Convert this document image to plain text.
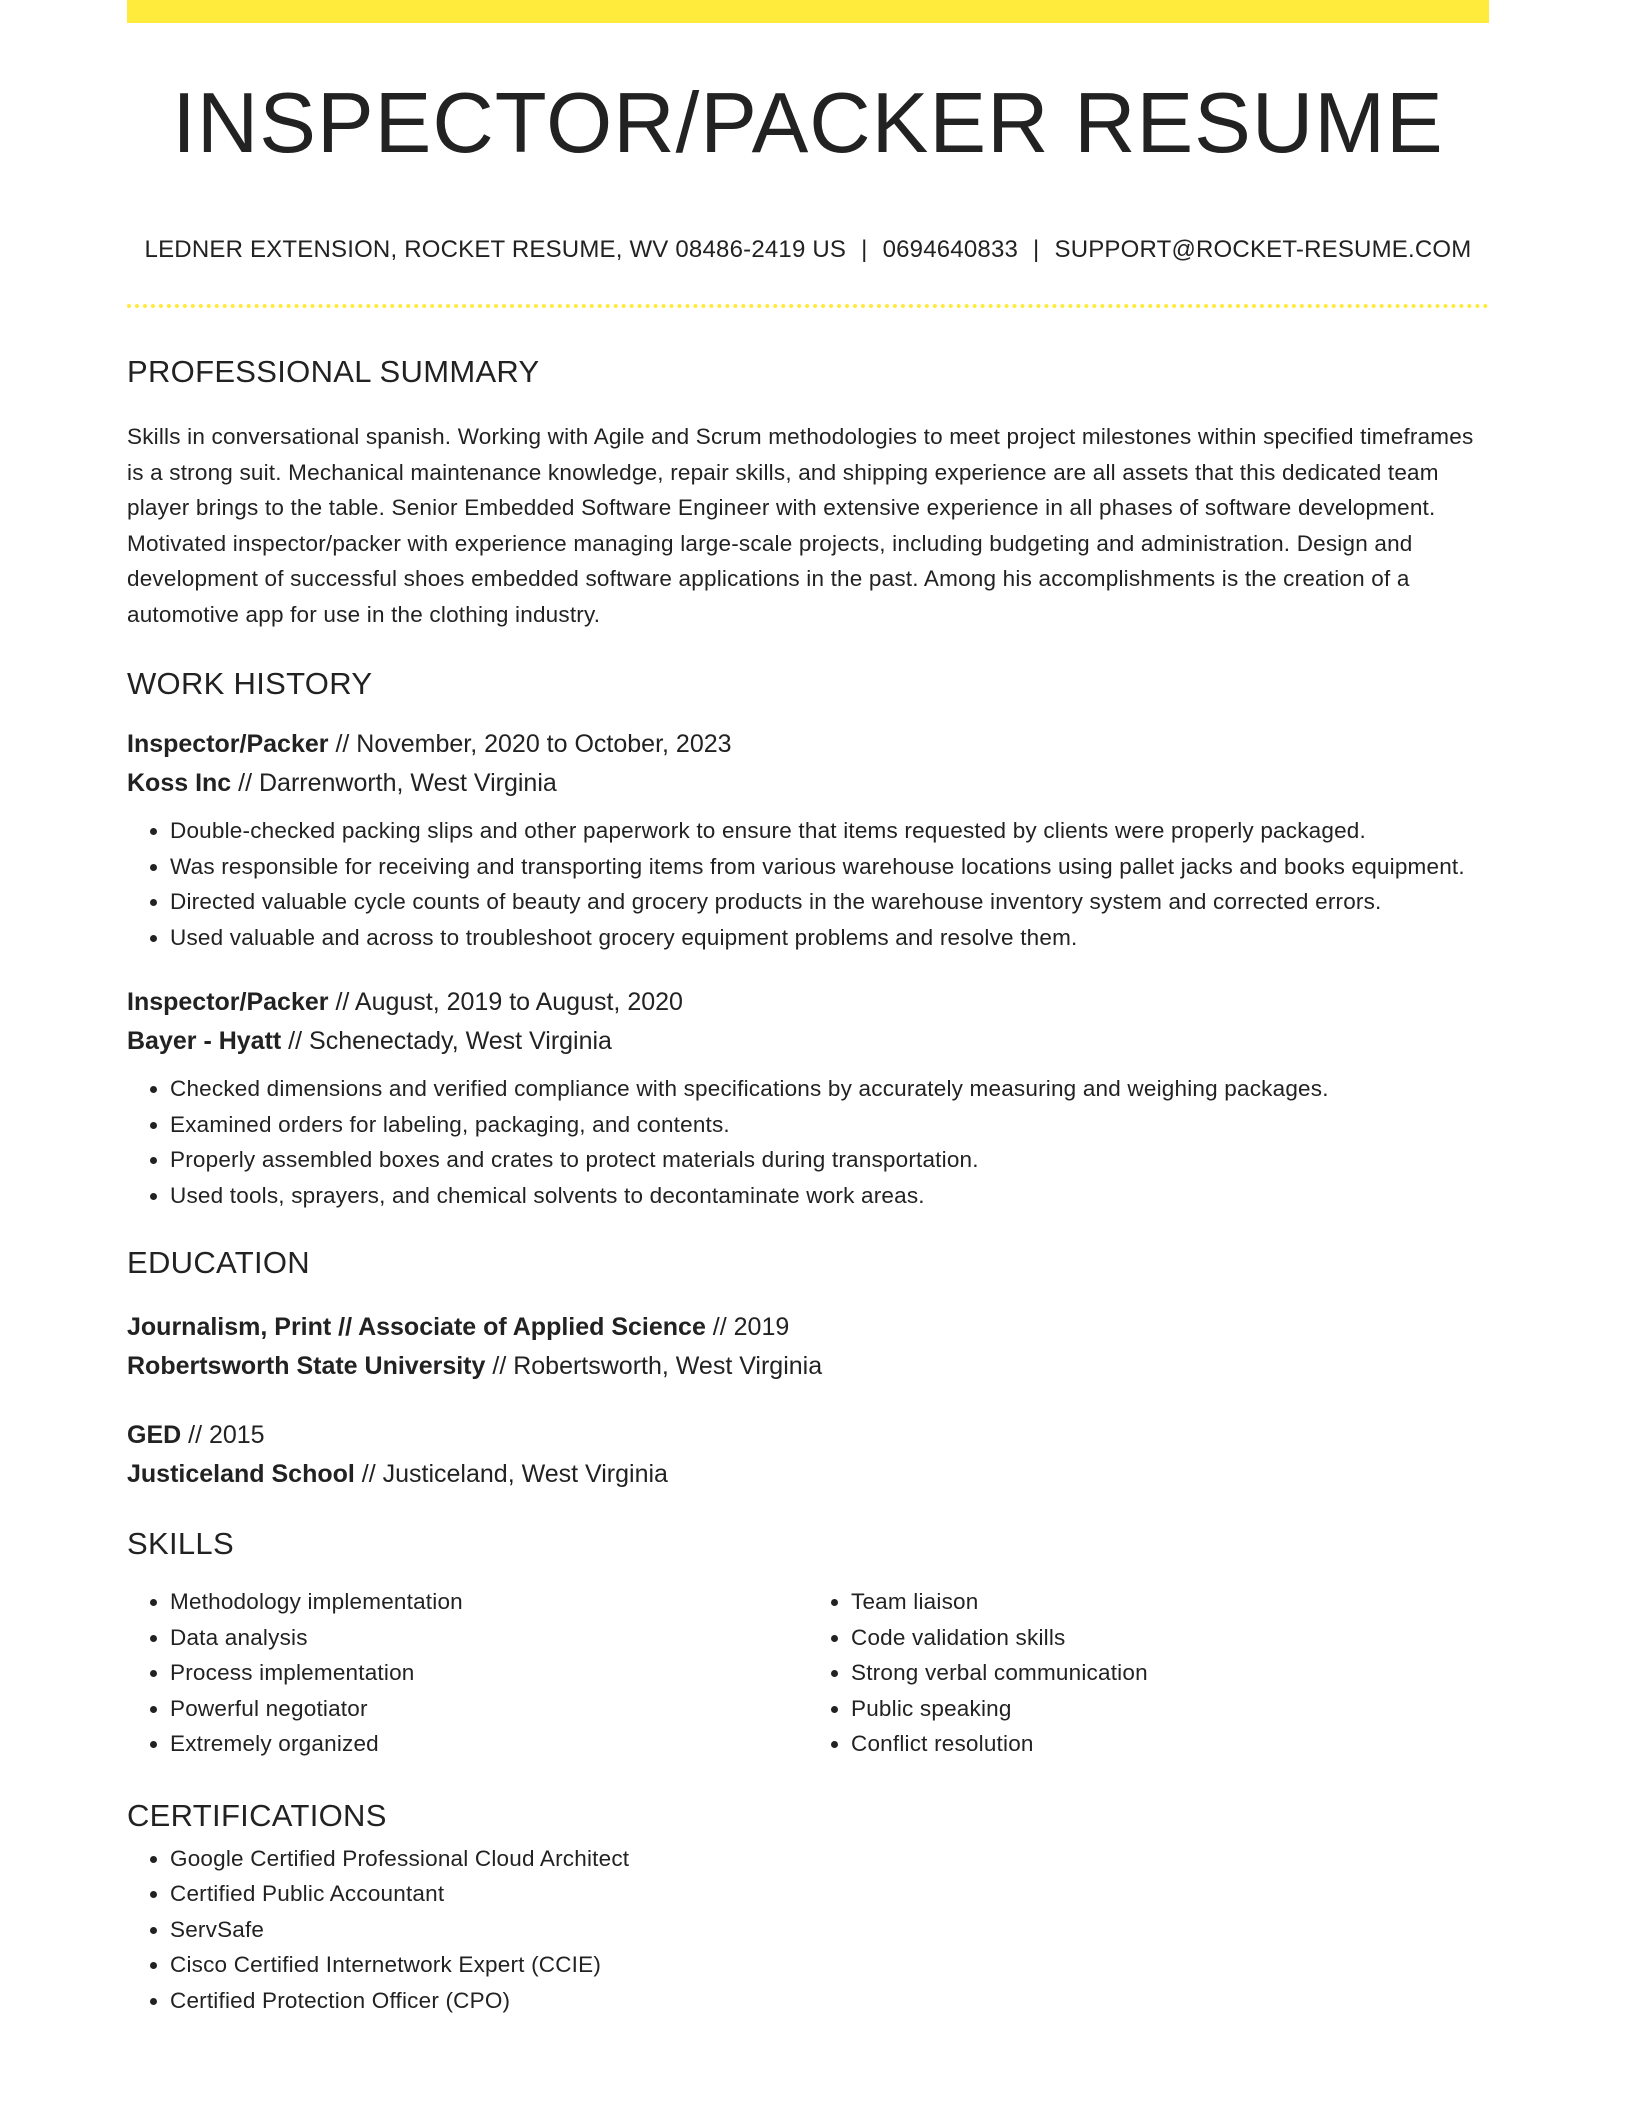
INSPECTOR/PACKER RESUME
LEDNER EXTENSION, ROCKET RESUME, WV 08486-2419 US | 0694640833 | SUPPORT@ROCKET-RESUME.COM
PROFESSIONAL SUMMARY
Skills in conversational spanish. Working with Agile and Scrum methodologies to meet project milestones within specified timeframes is a strong suit. Mechanical maintenance knowledge, repair skills, and shipping experience are all assets that this dedicated team player brings to the table. Senior Embedded Software Engineer with extensive experience in all phases of software development. Motivated inspector/packer with experience managing large-scale projects, including budgeting and administration. Design and development of successful shoes embedded software applications in the past. Among his accomplishments is the creation of a automotive app for use in the clothing industry.
WORK HISTORY
Inspector/Packer // November, 2020 to October, 2023
Koss Inc // Darrenworth, West Virginia
• Double-checked packing slips and other paperwork to ensure that items requested by clients were properly packaged.
• Was responsible for receiving and transporting items from various warehouse locations using pallet jacks and books equipment.
• Directed valuable cycle counts of beauty and grocery products in the warehouse inventory system and corrected errors.
• Used valuable and across to troubleshoot grocery equipment problems and resolve them.
Inspector/Packer // August, 2019 to August, 2020
Bayer - Hyatt // Schenectady, West Virginia
• Checked dimensions and verified compliance with specifications by accurately measuring and weighing packages.
• Examined orders for labeling, packaging, and contents.
• Properly assembled boxes and crates to protect materials during transportation.
• Used tools, sprayers, and chemical solvents to decontaminate work areas.
EDUCATION
Journalism, Print // Associate of Applied Science // 2019
Robertsworth State University // Robertsworth, West Virginia
GED // 2015
Justiceland School // Justiceland, West Virginia
SKILLS
• Methodology implementation
• Data analysis
• Process implementation
• Powerful negotiator
• Extremely organized
• Team liaison
• Code validation skills
• Strong verbal communication
• Public speaking
• Conflict resolution
CERTIFICATIONS
• Google Certified Professional Cloud Architect
• Certified Public Accountant
• ServSafe
• Cisco Certified Internetwork Expert (CCIE)
• Certified Protection Officer (CPO)
